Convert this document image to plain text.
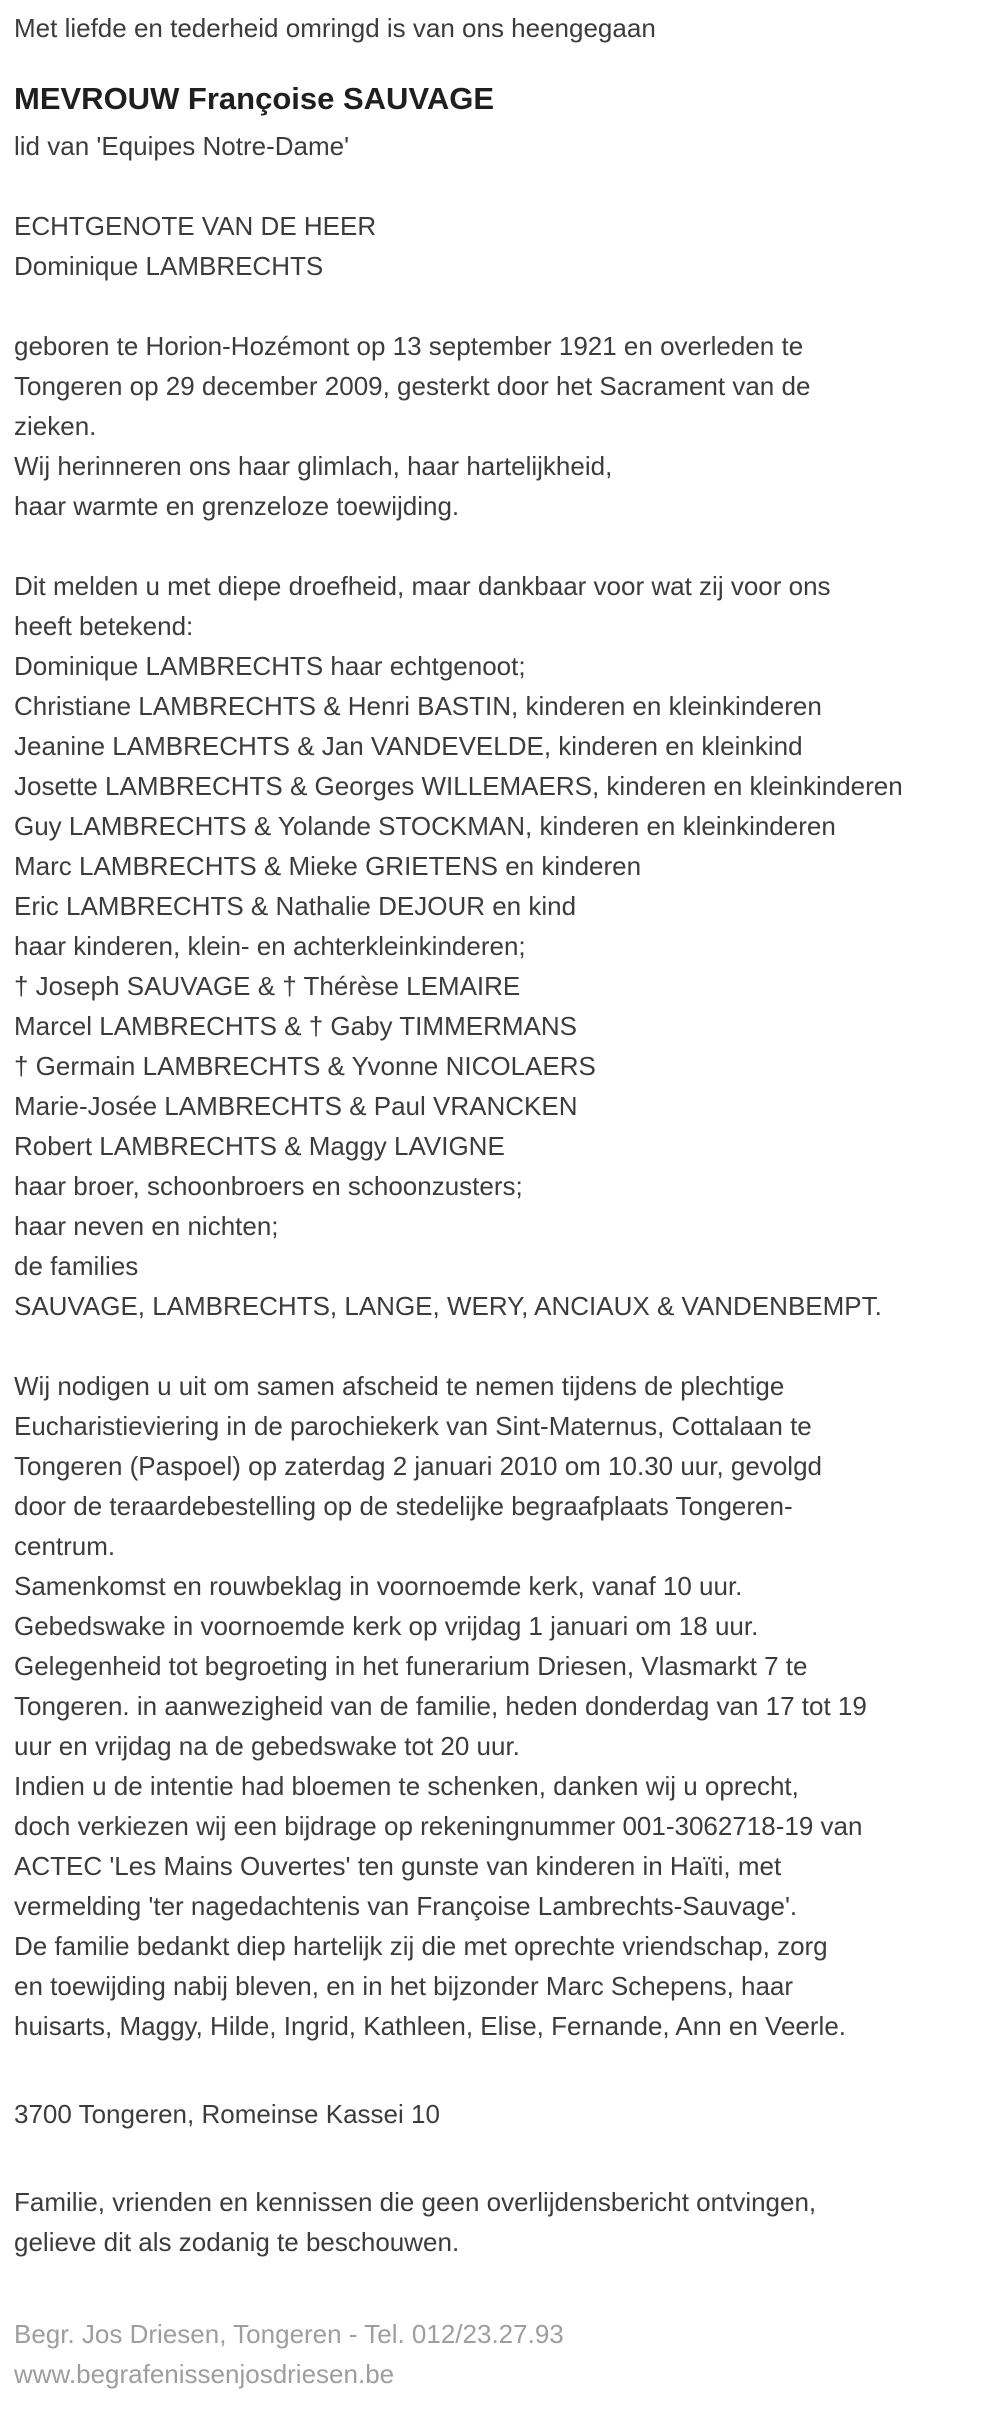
Met liefde en tederheid omringd is van ons heengegaan
MEVROUW Françoise SAUVAGE
lid van 'Equipes Notre-Dame'
ECHTGENOTE VAN DE HEER
Dominique LAMBRECHTS
geboren te Horion-Hozémont op 13 september 1921 en overleden te
Tongeren op 29 december 2009, gesterkt door het Sacrament van de
zieken.
Wij herinneren ons haar glimlach, haar hartelijkheid,
haar warmte en grenzeloze toewijding.
Dit melden u met diepe droefheid, maar dankbaar voor wat zij voor ons
heeft betekend:
Dominique LAMBRECHTS haar echtgenoot;
Christiane LAMBRECHTS & Henri BASTIN, kinderen en kleinkinderen
Jeanine LAMBRECHTS & Jan VANDEVELDE, kinderen en kleinkind
Josette LAMBRECHTS & Georges WILLEMAERS, kinderen en kleinkinderen
Guy LAMBRECHTS & Yolande STOCKMAN, kinderen en kleinkinderen
Marc LAMBRECHTS & Mieke GRIETENS en kinderen
Eric LAMBRECHTS & Nathalie DEJOUR en kind
haar kinderen, klein- en achterkleinkinderen;
† Joseph SAUVAGE & † Thérèse LEMAIRE
Marcel LAMBRECHTS & † Gaby TIMMERMANS
† Germain LAMBRECHTS & Yvonne NICOLAERS
Marie-Josée LAMBRECHTS & Paul VRANCKEN
Robert LAMBRECHTS & Maggy LAVIGNE
haar broer, schoonbroers en schoonzusters;
haar neven en nichten;
de families
SAUVAGE, LAMBRECHTS, LANGE, WERY, ANCIAUX & VANDENBEMPT.
Wij nodigen u uit om samen afscheid te nemen tijdens de plechtige
Eucharistieviering in de parochiekerk van Sint-Maternus, Cottalaan te
Tongeren (Paspoel) op zaterdag 2 januari 2010 om 10.30 uur, gevolgd
door de teraardebestelling op de stedelijke begraafplaats Tongeren-
centrum.
Samenkomst en rouwbeklag in voornoemde kerk, vanaf 10 uur.
Gebedswake in voornoemde kerk op vrijdag 1 januari om 18 uur.
Gelegenheid tot begroeting in het funerarium Driesen, Vlasmarkt 7 te
Tongeren. in aanwezigheid van de familie, heden donderdag van 17 tot 19
uur en vrijdag na de gebedswake tot 20 uur.
Indien u de intentie had bloemen te schenken, danken wij u oprecht,
doch verkiezen wij een bijdrage op rekeningnummer 001-3062718-19 van
ACTEC 'Les Mains Ouvertes' ten gunste van kinderen in Haïti, met
vermelding 'ter nagedachtenis van Françoise Lambrechts-Sauvage'.
De familie bedankt diep hartelijk zij die met oprechte vriendschap, zorg
en toewijding nabij bleven, en in het bijzonder Marc Schepens, haar
huisarts, Maggy, Hilde, Ingrid, Kathleen, Elise, Fernande, Ann en Veerle.
3700 Tongeren, Romeinse Kassei 10
Familie, vrienden en kennissen die geen overlijdensbericht ontvingen,
gelieve dit als zodanig te beschouwen.
Begr. Jos Driesen, Tongeren - Tel. 012/23.27.93
www.begrafenissenjosdriesen.be
